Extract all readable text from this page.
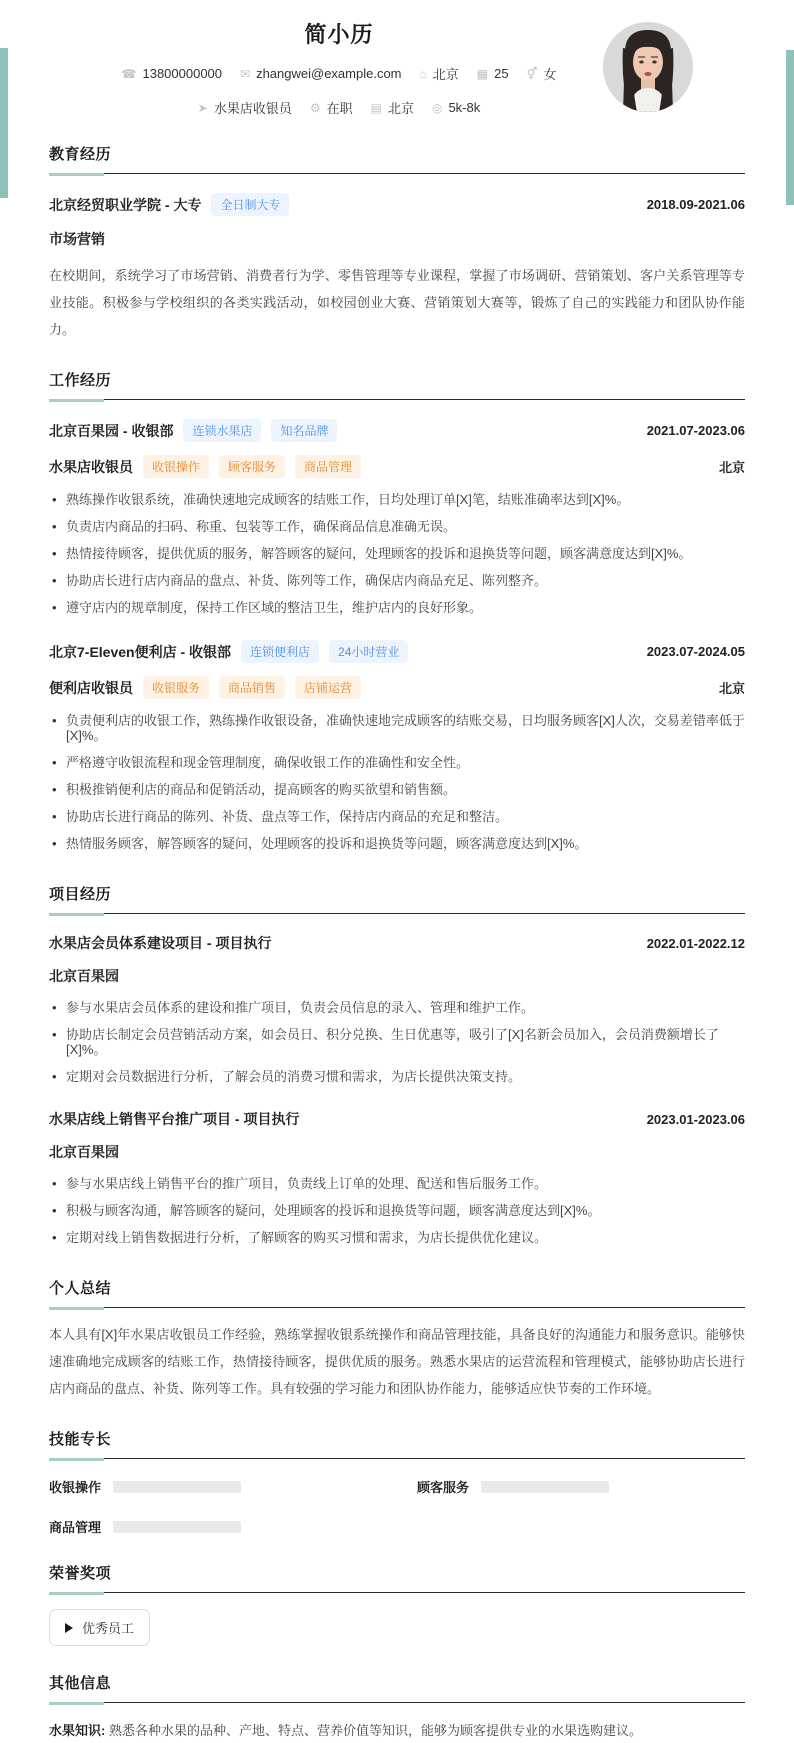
简小历
☎ 13800000000 ✉ zhangwei@example.com ⌂ 北京 ▦ 25 ⚥ 女
➤ 水果店收银员 ⚙ 在职 ▤ 北京 ◎ 5k-8k
教育经历
北京经贸职业学院 - 大专	全日制大专	2018.09-2021.06
市场营销
在校期间，系统学习了市场营销、消费者行为学、零售管理等专业课程，掌握了市场调研、营销策划、客户关系管理等专业技能。积极参与学校组织的各类实践活动，如校园创业大赛、营销策划大赛等，锻炼了自己的实践能力和团队协作能力。
工作经历
北京百果园 - 收银部	连锁水果店	知名品牌	2021.07-2023.06
水果店收银员	收银操作	顾客服务	商品管理	北京
• 熟练操作收银系统，准确快速地完成顾客的结账工作，日均处理订单[X]笔，结账准确率达到[X]%。
• 负责店内商品的扫码、称重、包装等工作，确保商品信息准确无误。
• 热情接待顾客，提供优质的服务，解答顾客的疑问，处理顾客的投诉和退换货等问题，顾客满意度达到[X]%。
• 协助店长进行店内商品的盘点、补货、陈列等工作，确保店内商品充足、陈列整齐。
• 遵守店内的规章制度，保持工作区域的整洁卫生，维护店内的良好形象。
北京7-Eleven便利店 - 收银部	连锁便利店	24小时营业	2023.07-2024.05
便利店收银员	收银服务	商品销售	店铺运营	北京
• 负责便利店的收银工作，熟练操作收银设备，准确快速地完成顾客的结账交易，日均服务顾客[X]人次，交易差错率低于[X]%。
• 严格遵守收银流程和现金管理制度，确保收银工作的准确性和安全性。
• 积极推销便利店的商品和促销活动，提高顾客的购买欲望和销售额。
• 协助店长进行商品的陈列、补货、盘点等工作，保持店内商品的充足和整洁。
• 热情服务顾客，解答顾客的疑问，处理顾客的投诉和退换货等问题，顾客满意度达到[X]%。
项目经历
水果店会员体系建设项目 - 项目执行	2022.01-2022.12
北京百果园
• 参与水果店会员体系的建设和推广项目，负责会员信息的录入、管理和维护工作。
• 协助店长制定会员营销活动方案，如会员日、积分兑换、生日优惠等，吸引了[X]名新会员加入，会员消费额增长了[X]%。
• 定期对会员数据进行分析，了解会员的消费习惯和需求，为店长提供决策支持。
水果店线上销售平台推广项目 - 项目执行	2023.01-2023.06
北京百果园
• 参与水果店线上销售平台的推广项目，负责线上订单的处理、配送和售后服务工作。
• 积极与顾客沟通，解答顾客的疑问，处理顾客的投诉和退换货等问题，顾客满意度达到[X]%。
• 定期对线上销售数据进行分析，了解顾客的购买习惯和需求，为店长提供优化建议。
个人总结
本人具有[X]年水果店收银员工作经验，熟练掌握收银系统操作和商品管理技能，具备良好的沟通能力和服务意识。能够快速准确地完成顾客的结账工作，热情接待顾客，提供优质的服务。熟悉水果店的运营流程和管理模式，能够协助店长进行店内商品的盘点、补货、陈列等工作。具有较强的学习能力和团队协作能力，能够适应快节奏的工作环境。
技能专长
收银操作	顾客服务
商品管理
荣誉奖项
优秀员工
其他信息
水果知识: 熟悉各种水果的品种、产地、特点、营养价值等知识，能够为顾客提供专业的水果选购建议。
